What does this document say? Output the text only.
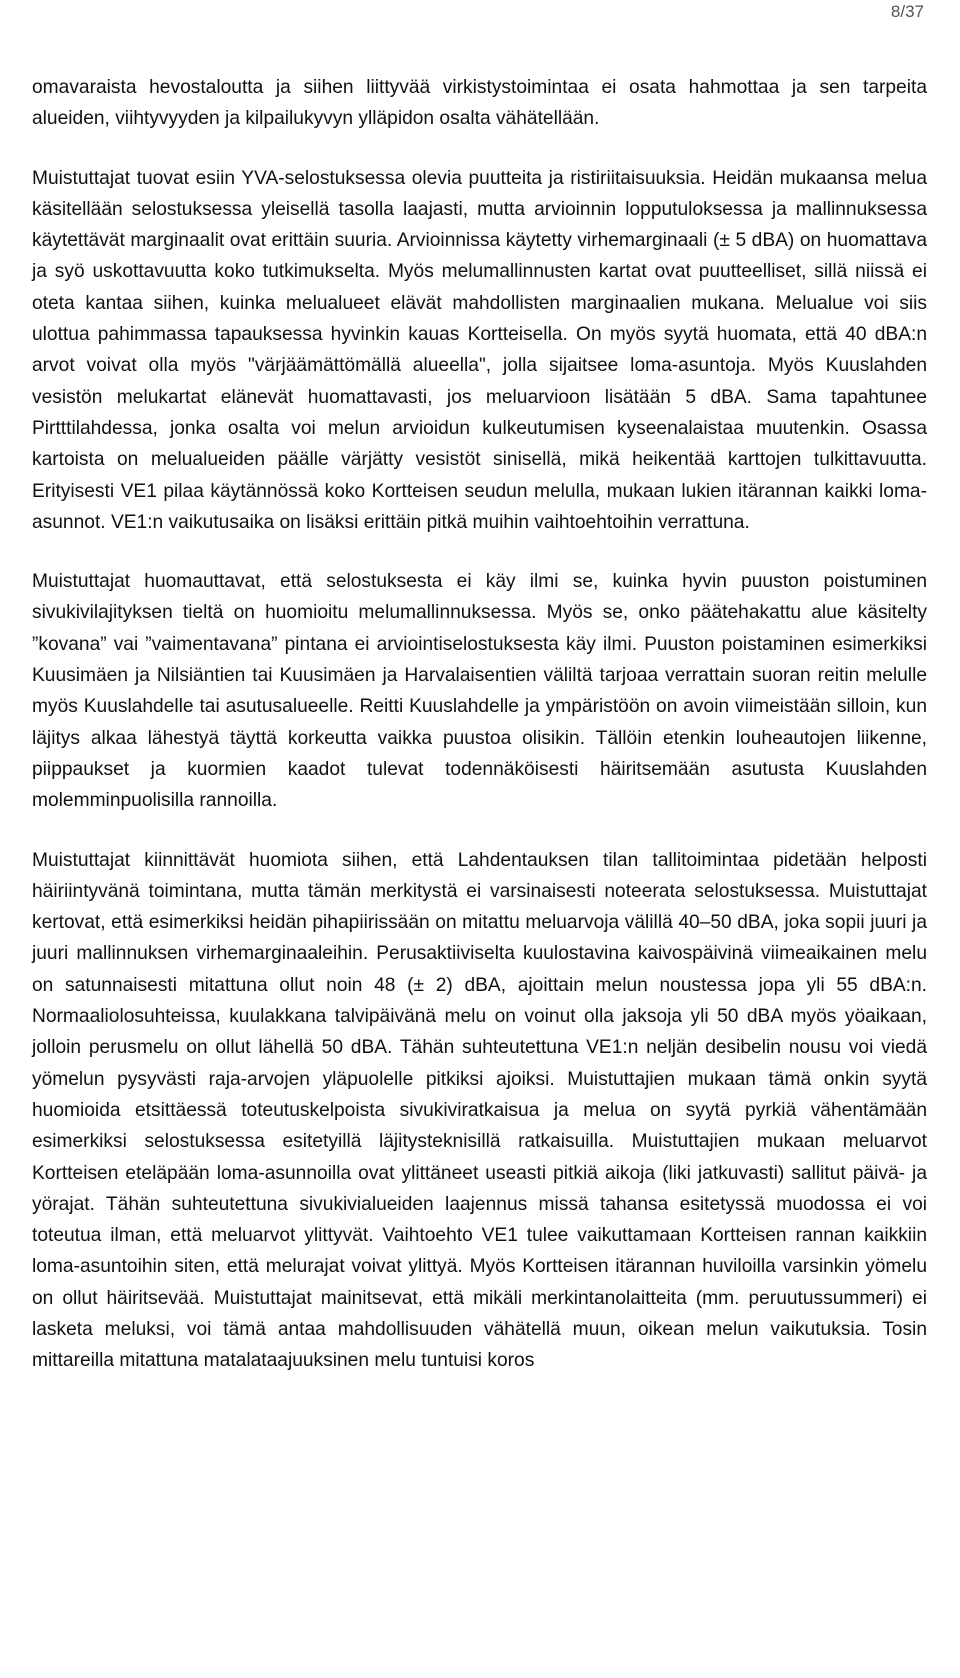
8/37

omavaraista hevostaloutta ja siihen liittyvää virkistystoimintaa ei osata hahmottaa ja sen tarpeita alueiden, viihtyvyyden ja kilpailukyvyn ylläpidon osalta vähätellään.

Muistuttajat tuovat esiin YVA-selostuksessa olevia puutteita ja ristiriitaisuuksia. Heidän mukaansa melua käsitellään selostuksessa yleisellä tasolla laajasti, mutta arvioinnin lopputuloksessa ja mallinnuksessa käytettävät marginaalit ovat erittäin suuria. Arvioinnissa käytetty virhemarginaali (± 5 dBA) on huomattava ja syö uskottavuutta koko tutkimukselta. Myös melumallinnusten kartat ovat puutteelliset, sillä niissä ei oteta kantaa siihen, kuinka melualueet elävät mahdollisten marginaalien mukana. Melualue voi siis ulottua pahimmassa tapauksessa hyvinkin kauas Kortteisella. On myös syytä huomata, että 40 dBA:n arvot voivat olla myös "värjäämättömällä alueella", jolla sijaitsee loma-asuntoja. Myös Kuuslahden vesistön melukartat elänevät huomattavasti, jos meluarvioon lisätään 5 dBA. Sama tapahtunee Pirtttilahdessa, jonka osalta voi melun arvioidun kulkeutumisen kyseenalaistaa muutenkin. Osassa kartoista on melualueiden päälle värjätty vesistöt sinisellä, mikä heikentää karttojen tulkittavuutta. Erityisesti VE1 pilaa käytännössä koko Kortteisen seudun melulla, mukaan lukien itärannan kaikki loma-asunnot. VE1:n vaikutusaika on lisäksi erittäin pitkä muihin vaihtoehtoihin verrattuna.

Muistuttajat huomauttavat, että selostuksesta ei käy ilmi se, kuinka hyvin puuston poistuminen sivukivilajityksen tieltä on huomioitu melumallinnuksessa. Myös se, onko päätehakattu alue käsitelty ”kovana” vai ”vaimentavana” pintana ei arviointiselostuksesta käy ilmi. Puuston poistaminen esimerkiksi Kuusimäen ja Nilsiäntien tai Kuusimäen ja Harvalaisentien väliltä tarjoaa verrattain suoran reitin melulle myös Kuuslahdelle tai asutusalueelle. Reitti Kuuslahdelle ja ympäristöön on avoin viimeistään silloin, kun läjitys alkaa lähestyä täyttä korkeutta vaikka puustoa olisikin. Tällöin etenkin louheautojen liikenne, piippaukset ja kuormien kaadot tulevat todennäköisesti häiritsemään asutusta Kuuslahden molemminpuolisilla rannoilla.

Muistuttajat kiinnittävät huomiota siihen, että Lahdentauksen tilan tallitoimintaa pidetään helposti häiriintyvänä toimintana, mutta tämän merkitystä ei varsinaisesti noteerata selostuksessa. Muistuttajat kertovat, että esimerkiksi heidän pihapiirissään on mitattu meluarvoja välillä 40–50 dBA, joka sopii juuri ja juuri mallinnuksen virhemarginaaleihin. Perusaktiiviselta kuulostavina kaivospäivinä viimeaikainen melu on satunnaisesti mitattuna ollut noin 48 (± 2) dBA, ajoittain melun noustessa jopa yli 55 dBA:n. Normaaliolosuhteissa, kuulakkana talvipäivänä melu on voinut olla jaksoja yli 50 dBA myös yöaikaan, jolloin perusmelu on ollut lähellä 50 dBA. Tähän suhteutettuna VE1:n neljän desibelin nousu voi viedä yömelun pysyvästi raja-arvojen yläpuolelle pitkiksi ajoiksi. Muistuttajien mukaan tämä onkin syytä huomioida etsittäessä toteutuskelpoista sivukiviratkaisua ja melua on syytä pyrkiä vähentämään esimerkiksi selostuksessa esitetyillä läjitysteknisillä ratkaisuilla. Muistuttajien mukaan meluarvot Kortteisen eteläpään loma-asunnoilla ovat ylittäneet useasti pitkiä aikoja (liki jatkuvasti) sallitut päivä- ja yörajat. Tähän suhteutettuna sivukivialueiden laajennus missä tahansa esitetyssä muodossa ei voi toteutua ilman, että meluarvot ylittyvät. Vaihtoehto VE1 tulee vaikuttamaan Kortteisen rannan kaikkiin loma-asuntoihin siten, että melurajat voivat ylittyä. Myös Kortteisen itärannan huviloilla varsinkin yömelu on ollut häiritsevää. Muistuttajat mainitsevat, että mikäli merkintanolaitteita (mm. peruutussummeri) ei lasketa meluksi, voi tämä antaa mahdollisuuden vähätellä muun, oikean melun vaikutuksia. Tosin mittareilla mitattuna matalataajuuksinen melu tuntuisi koros
